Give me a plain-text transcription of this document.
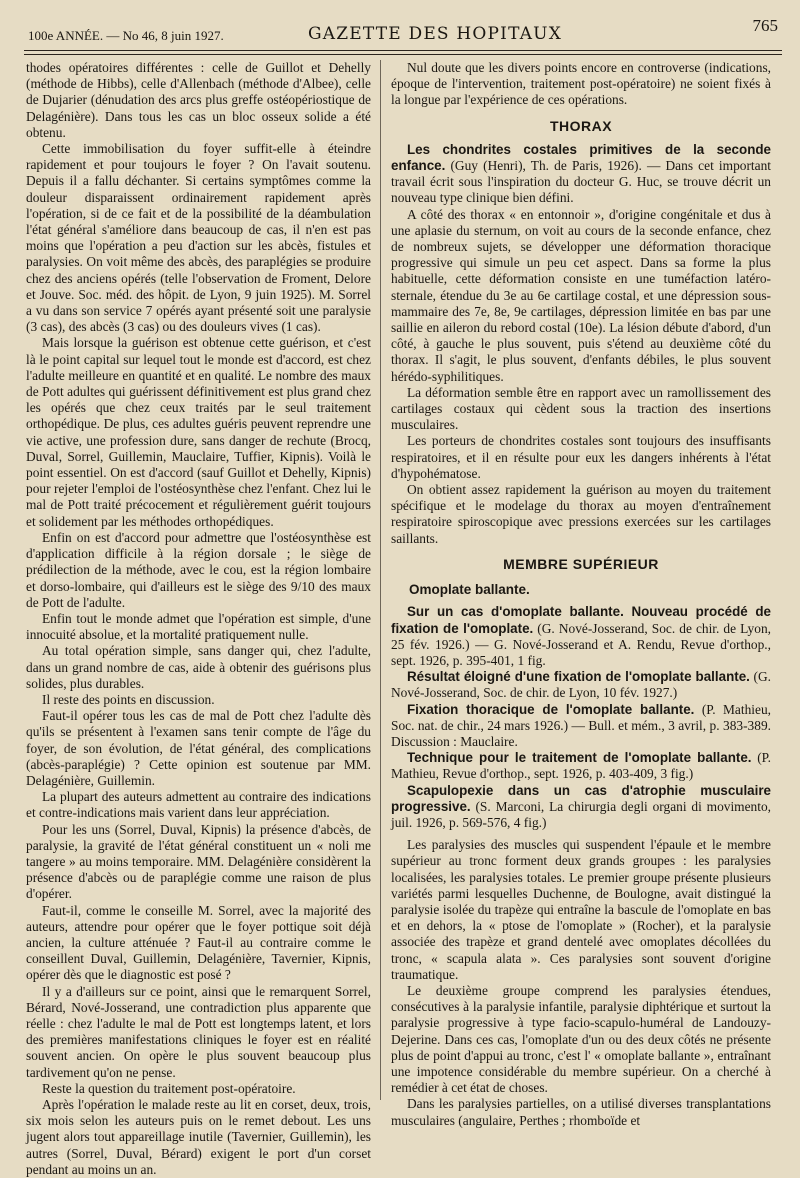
100e ANNÉE. — No 46, 8 juin 1927.	GAZETTE DES HOPITAUX	765

thodes opératoires différentes : celle de Guillot et Dehelly (méthode de Hibbs), celle d'Allenbach (méthode d'Albee), celle de Dujarier (dénudation des arcs plus greffe ostéopériostique de Delagénière). Dans tous les cas un bloc osseux solide a été obtenu.

Cette immobilisation du foyer suffit-elle à éteindre rapidement et pour toujours le foyer ? On l'avait soutenu. Depuis il a fallu déchanter. Si certains symptômes comme la douleur disparaissent ordinairement rapidement après l'opération, si de ce fait et de la possibilité de la déambulation l'état général s'améliore dans beaucoup de cas, il n'en est pas moins que l'opération a peu d'action sur les abcès, fistules et paralysies. On voit même des abcès, des paraplégies se produire chez des anciens opérés (telle l'observation de Froment, Delore et Jouve. Soc. méd. des hôpit. de Lyon, 9 juin 1925). M. Sorrel a vu dans son service 7 opérés ayant présenté soit une paralysie (3 cas), des abcès (3 cas) ou des douleurs vives (1 cas).

Mais lorsque la guérison est obtenue cette guérison, et c'est là le point capital sur lequel tout le monde est d'accord, est chez l'adulte meilleure en quantité et en qualité. Le nombre des maux de Pott adultes qui guérissent définitivement est plus grand chez les opérés que chez ceux traités par le seul traitement orthopédique. De plus, ces adultes guéris peuvent reprendre une vie active, une profession dure, sans danger de rechute (Brocq, Duval, Sorrel, Guillemin, Mauclaire, Tuffier, Kipnis). Voilà le point essentiel. On est d'accord (sauf Guillot et Dehelly, Kipnis) pour rejeter l'emploi de l'ostéosynthèse chez l'enfant. Chez lui le mal de Pott traité précocement et régulièrement guérit toujours et solidement par les méthodes orthopédiques.

Enfin on est d'accord pour admettre que l'ostéosynthèse est d'application difficile à la région dorsale ; le siège de prédilection de la méthode, avec le cou, est la région lombaire et dorso-lombaire, qui d'ailleurs est le siège des 9/10 des maux de Pott de l'adulte.

Enfin tout le monde admet que l'opération est simple, d'une innocuité absolue, et la mortalité pratiquement nulle.

Au total opération simple, sans danger qui, chez l'adulte, dans un grand nombre de cas, aide à obtenir des guérisons plus solides, plus durables.

Il reste des points en discussion.

Faut-il opérer tous les cas de mal de Pott chez l'adulte dès qu'ils se présentent à l'examen sans tenir compte de l'âge du foyer, de son évolution, de l'état général, des complications (abcès-paraplégie) ? Cette opinion est soutenue par MM. Delagénière, Guillemin.

La plupart des auteurs admettent au contraire des indications et contre-indications mais varient dans leur appréciation.

Pour les uns (Sorrel, Duval, Kipnis) la présence d'abcès, de paralysie, la gravité de l'état général constituent un « noli me tangere » au moins temporaire. MM. Delagénière considèrent la présence d'abcès ou de paraplégie comme une raison de plus d'opérer.

Faut-il, comme le conseille M. Sorrel, avec la majorité des auteurs, attendre pour opérer que le foyer pottique soit déjà ancien, la culture atténuée ? Faut-il au contraire comme le conseillent Duval, Guillemin, Delagénière, Tavernier, Kipnis, opérer dès que le diagnostic est posé ?

Il y a d'ailleurs sur ce point, ainsi que le remarquent Sorrel, Bérard, Nové-Josserand, une contradiction plus apparente que réelle : chez l'adulte le mal de Pott est longtemps latent, et lors des premières manifestations cliniques le foyer est en réalité souvent ancien. On opère le plus souvent beaucoup plus tardivement qu'on ne pense.

Reste la question du traitement post-opératoire.

Après l'opération le malade reste au lit en corset, deux, trois, six mois selon les auteurs puis on le remet debout. Les uns jugent alors tout appareillage inutile (Tavernier, Guillemin), les autres (Sorrel, Duval, Bérard) exigent le port d'un corset pendant au moins un an.

Nul doute que les divers points encore en controverse (indications, époque de l'intervention, traitement post-opératoire) ne soient fixés à la longue par l'expérience de ces opérations.

THORAX

Les chondrites costales primitives de la seconde enfance. (Guy (Henri), Th. de Paris, 1926). — Dans cet important travail écrit sous l'inspiration du docteur G. Huc, se trouve décrit un nouveau type clinique bien défini.

A côté des thorax « en entonnoir », d'origine congénitale et dus à une aplasie du sternum, on voit au cours de la seconde enfance, chez de nombreux sujets, se développer une déformation thoracique progressive qui simule un peu cet aspect. Dans sa forme la plus habituelle, cette déformation consiste en une tuméfaction latéro-sternale, étendue du 3e au 6e cartilage costal, et une dépression sous-mammaire des 7e, 8e, 9e cartilages, dépression limitée en bas par une saillie en aileron du rebord costal (10e). La lésion débute d'abord, d'un côté, à gauche le plus souvent, puis s'étend au deuxième côté du thorax. Il s'agit, le plus souvent, d'enfants débiles, le plus souvent hérédo-syphilitiques.

La déformation semble être en rapport avec un ramollissement des cartilages costaux qui cèdent sous la traction des insertions musculaires.

Les porteurs de chondrites costales sont toujours des insuffisants respiratoires, et il en résulte pour eux les dangers inhérents à l'état d'hypohématose.

On obtient assez rapidement la guérison au moyen du traitement spécifique et le modelage du thorax au moyen d'entraînement respiratoire spiroscopique avec pressions exercées sur les cartilages saillants.

MEMBRE SUPÉRIEUR
Omoplate ballante.

Sur un cas d'omoplate ballante. Nouveau procédé de fixation de l'omoplate. (G. Nové-Josserand, Soc. de chir. de Lyon, 25 fév. 1926.) — G. Nové-Josserand et A. Rendu, Revue d'orthop., sept. 1926, p. 395-401, 1 fig.

Résultat éloigné d'une fixation de l'omoplate ballante. (G. Nové-Josserand, Soc. de chir. de Lyon, 10 fév. 1927.)

Fixation thoracique de l'omoplate ballante. (P. Mathieu, Soc. nat. de chir., 24 mars 1926.) — Bull. et mém., 3 avril, p. 383-389. Discussion : Mauclaire.

Technique pour le traitement de l'omoplate ballante. (P. Mathieu, Revue d'orthop., sept. 1926, p. 403-409, 3 fig.)

Scapulopexie dans un cas d'atrophie musculaire progressive. (S. Marconi, La chirurgia degli organi di movimento, juil. 1926, p. 569-576, 4 fig.)

Les paralysies des muscles qui suspendent l'épaule et le membre supérieur au tronc forment deux grands groupes : les paralysies localisées, les paralysies totales. Le premier groupe présente plusieurs variétés parmi lesquelles Duchenne, de Boulogne, avait distingué la paralysie isolée du trapèze qui entraîne la bascule de l'omoplate en bas et en dehors, la « ptose de l'omoplate » (Rocher), et la paralysie associée des trapèze et grand dentelé avec omoplates décollées du tronc, « scapula alata ». Ces paralysies sont souvent d'origine traumatique.

Le deuxième groupe comprend les paralysies étendues, consécutives à la paralysie infantile, paralysie diphtérique et surtout la paralysie progressive à type facio-scapulo-huméral de Landouzy-Dejerine. Dans ces cas, l'omoplate d'un ou des deux côtés ne présente plus de point d'appui au tronc, c'est l' « omoplate ballante », entraînant une impotence considérable du membre supérieur. On a cherché à remédier à cet état de choses.

Dans les paralysies partielles, on a utilisé diverses transplantations musculaires (angulaire, Perthes ; rhomboïde et
